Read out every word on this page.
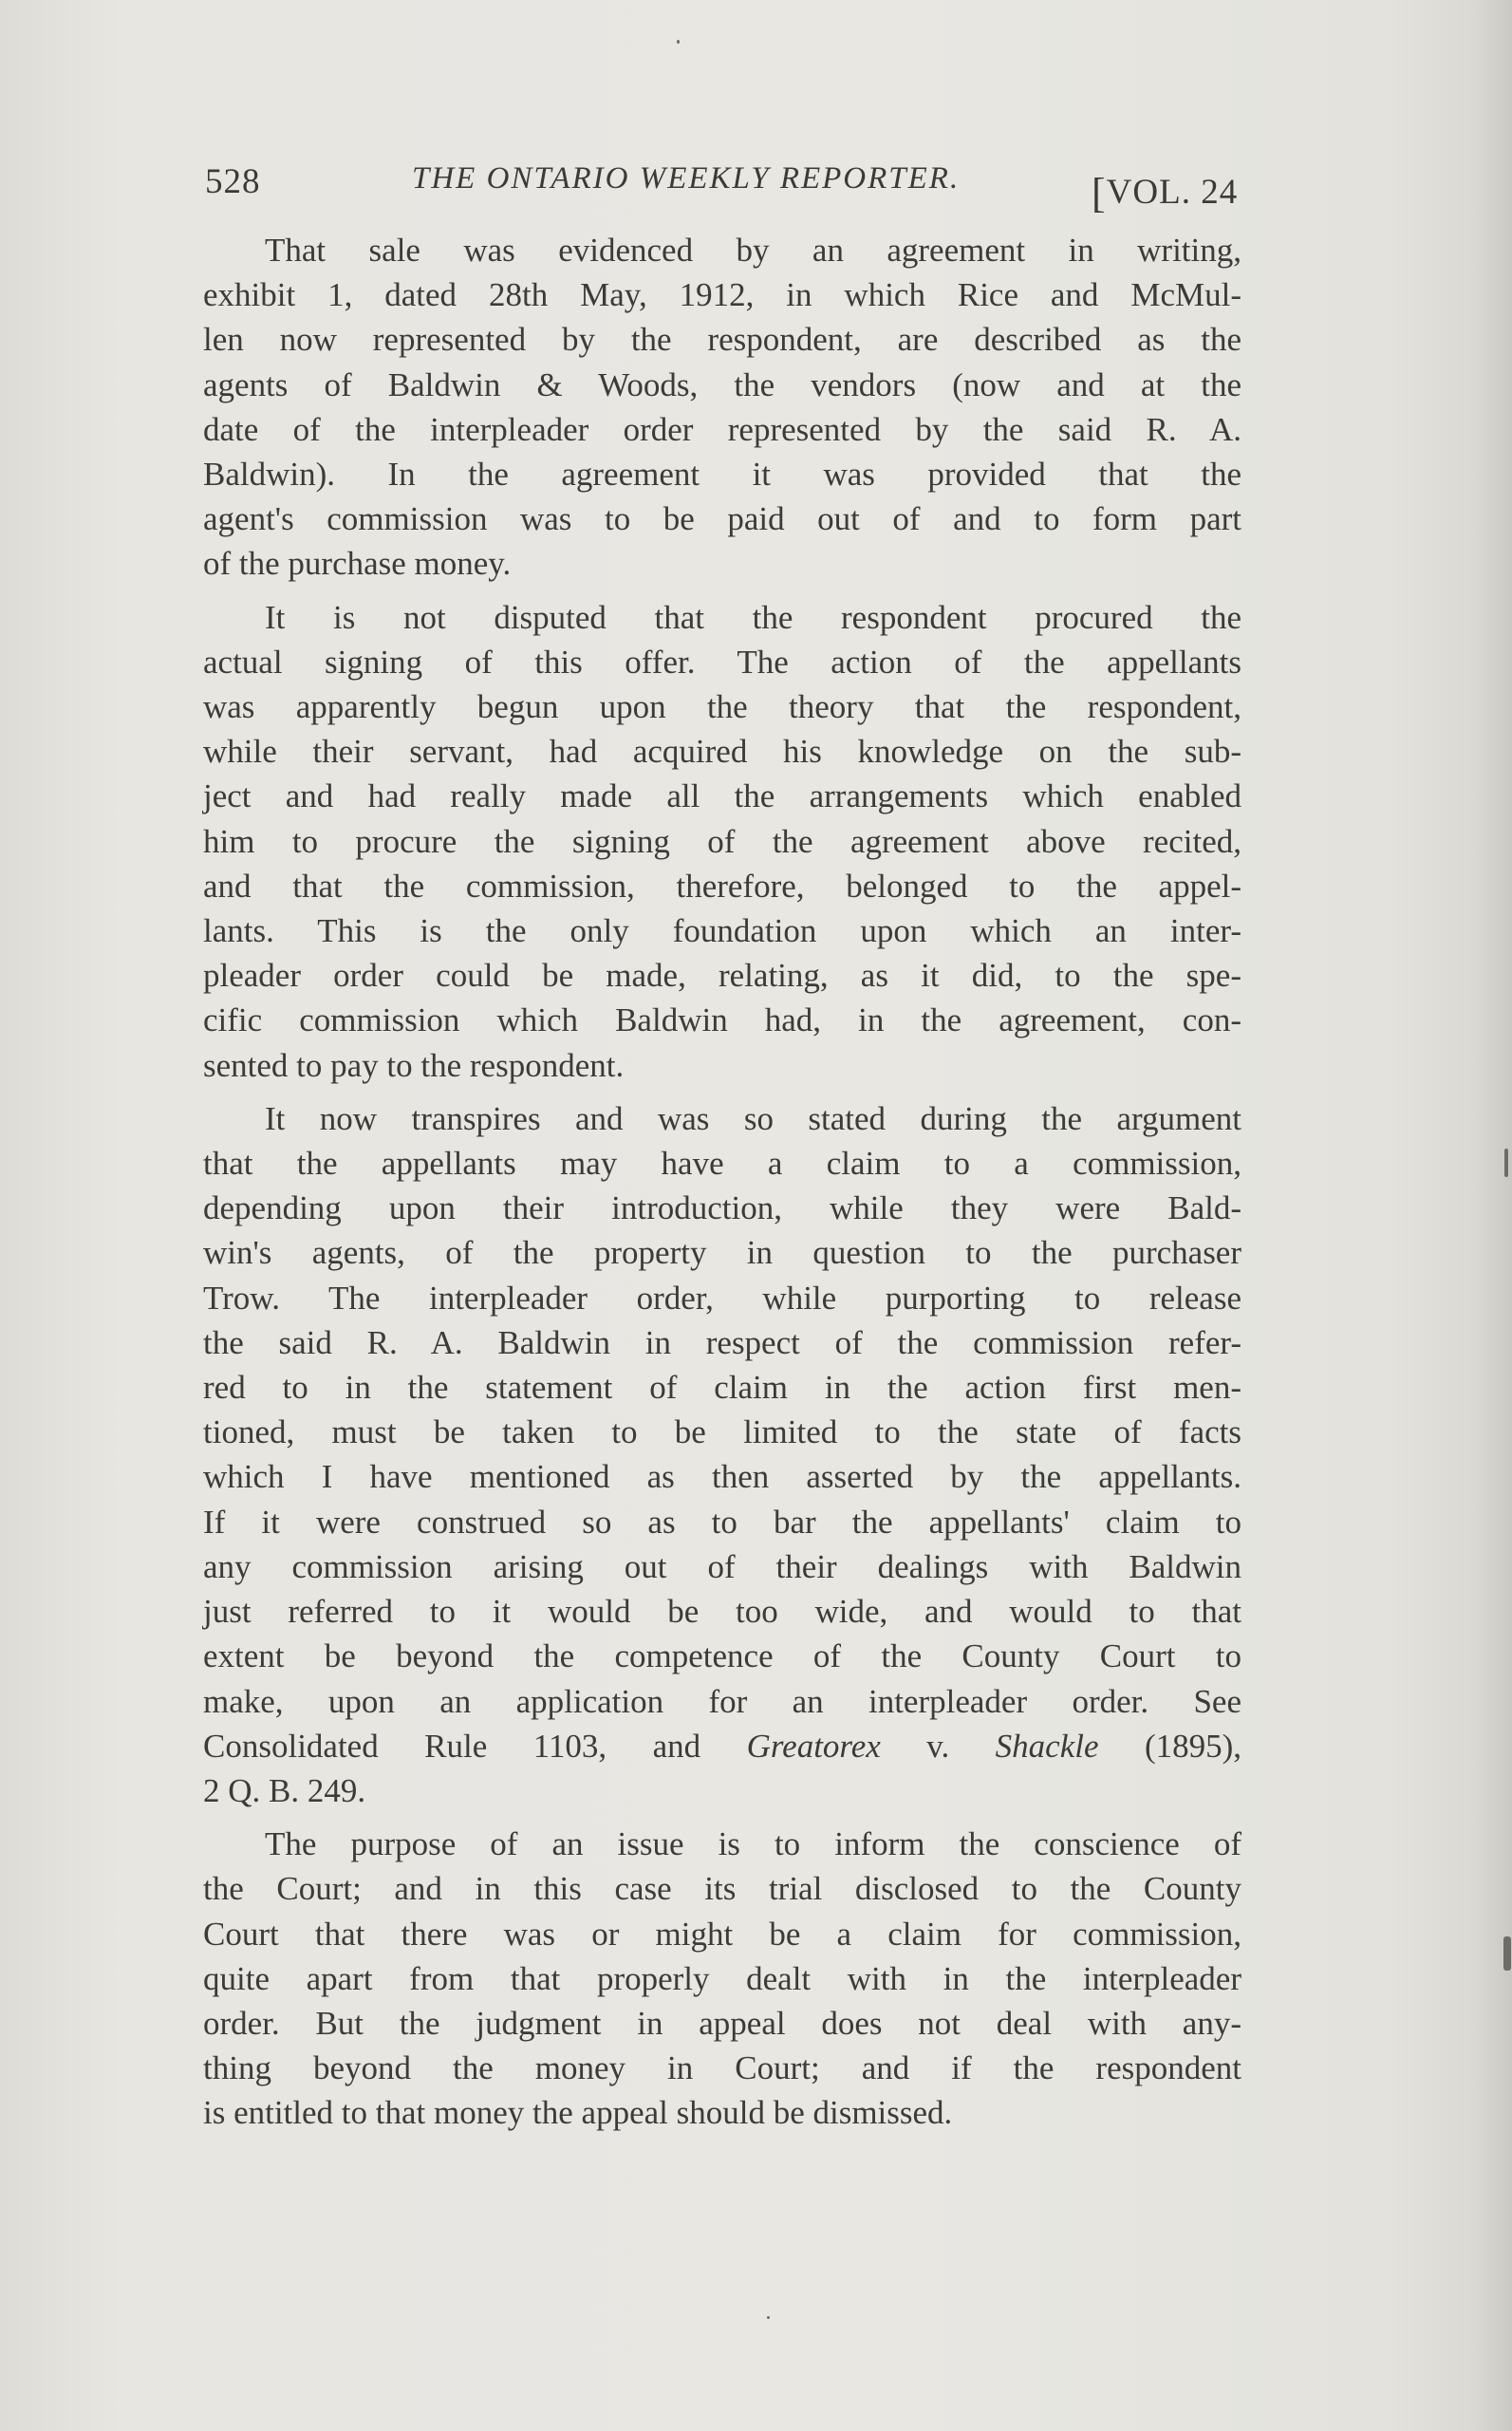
528	THE ONTARIO WEEKLY REPORTER.	[VOL. 24

That sale was evidenced by an agreement in writing,
exhibit 1, dated 28th May, 1912, in which Rice and McMul-
len now represented by the respondent, are described as the
agents of Baldwin & Woods, the vendors (now and at the
date of the interpleader order represented by the said R. A.
Baldwin). In the agreement it was provided that the
agent's commission was to be paid out of and to form part
of the purchase money.

It is not disputed that the respondent procured the
actual signing of this offer. The action of the appellants
was apparently begun upon the theory that the respondent,
while their servant, had acquired his knowledge on the sub-
ject and had really made all the arrangements which enabled
him to procure the signing of the agreement above recited,
and that the commission, therefore, belonged to the appel-
lants. This is the only foundation upon which an inter-
pleader order could be made, relating, as it did, to the spe-
cific commission which Baldwin had, in the agreement, con-
sented to pay to the respondent.

It now transpires and was so stated during the argument
that the appellants may have a claim to a commission,
depending upon their introduction, while they were Bald-
win's agents, of the property in question to the purchaser
Trow. The interpleader order, while purporting to release
the said R. A. Baldwin in respect of the commission refer-
red to in the statement of claim in the action first men-
tioned, must be taken to be limited to the state of facts
which I have mentioned as then asserted by the appellants.
If it were construed so as to bar the appellants' claim to
any commission arising out of their dealings with Baldwin
just referred to it would be too wide, and would to that
extent be beyond the competence of the County Court to
make, upon an application for an interpleader order. See
Consolidated Rule 1103, and Greatorex v. Shackle (1895),
2 Q. B. 249.

The purpose of an issue is to inform the conscience of
the Court; and in this case its trial disclosed to the County
Court that there was or might be a claim for commission,
quite apart from that properly dealt with in the interpleader
order. But the judgment in appeal does not deal with any-
thing beyond the money in Court; and if the respondent
is entitled to that money the appeal should be dismissed.
